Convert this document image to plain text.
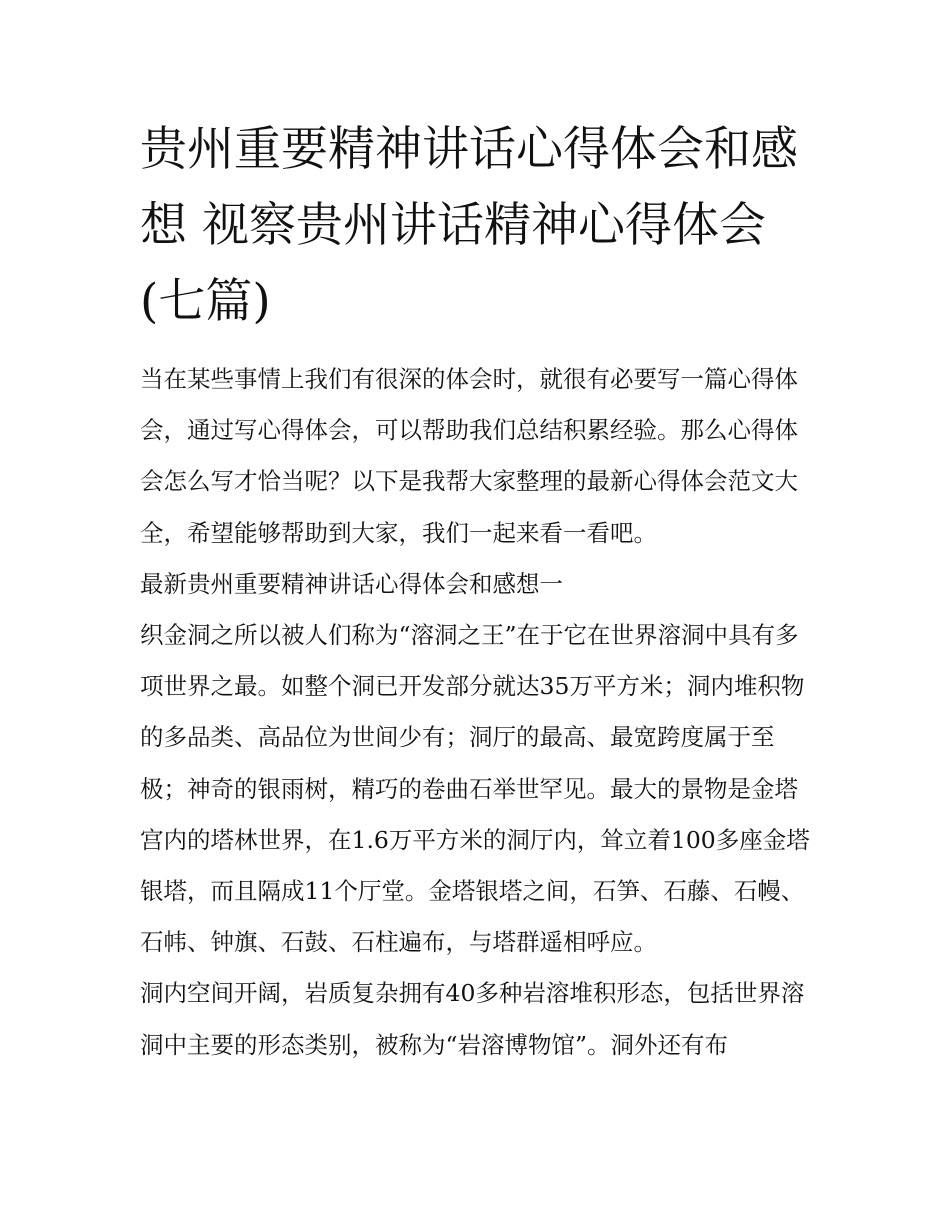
贵州重要精神讲话心得体会和感想 视察贵州讲话精神心得体会(七篇)

当在某些事情上我们有很深的体会时，就很有必要写一篇心得体会，通过写心得体会，可以帮助我们总结积累经验。那么心得体会怎么写才恰当呢？以下是我帮大家整理的最新心得体会范文大全，希望能够帮助到大家，我们一起来看一看吧。

最新贵州重要精神讲话心得体会和感想一

织金洞之所以被人们称为“溶洞之王”在于它在世界溶洞中具有多项世界之最。如整个洞已开发部分就达35万平方米；洞内堆积物的多品类、高品位为世间少有；洞厅的最高、最宽跨度属于至极；神奇的银雨树，精巧的卷曲石举世罕见。最大的景物是金塔宫内的塔林世界，在1.6万平方米的洞厅内，耸立着100多座金塔银塔，而且隔成11个厅堂。金塔银塔之间，石笋、石藤、石幔、石帏、钟旗、石鼓、石柱遍布，与塔群遥相呼应。

洞内空间开阔，岩质复杂拥有40多种岩溶堆积形态，包括世界溶洞中主要的形态类别，被称为“岩溶博物馆”。洞外还有布
